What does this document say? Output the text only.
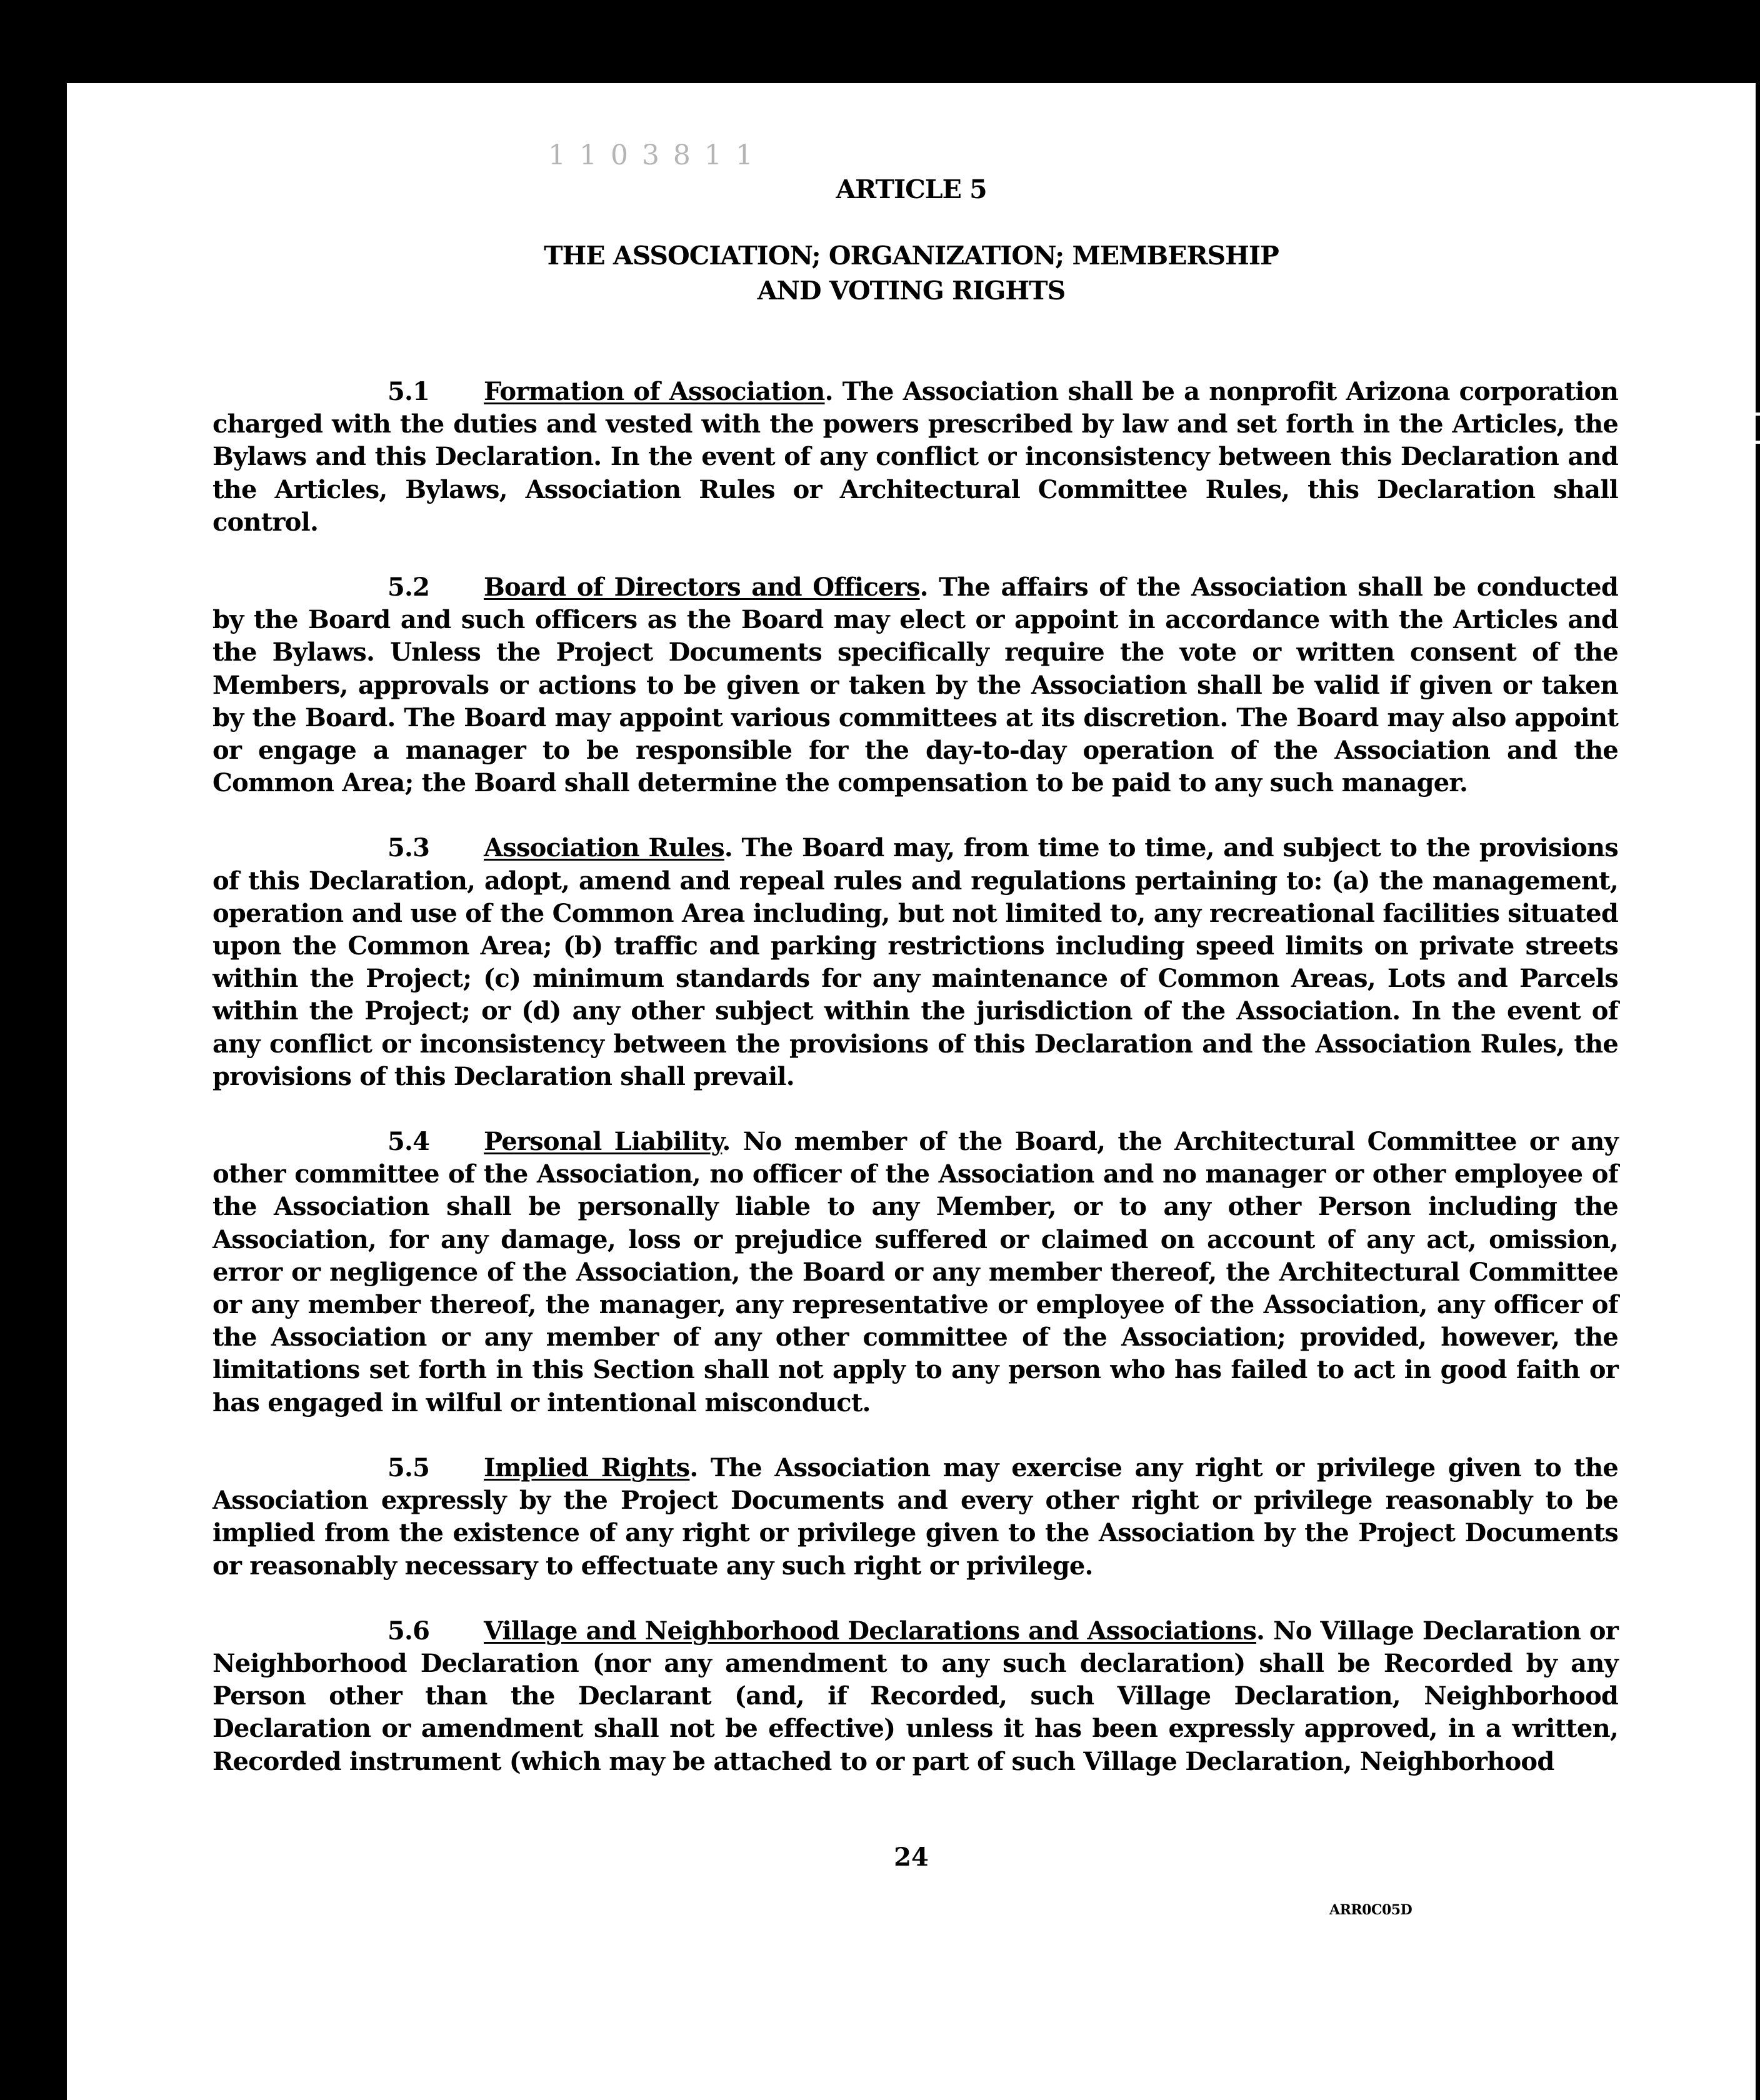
1 1 0 3 8 1 1
ARTICLE 5
THE ASSOCIATION; ORGANIZATION; MEMBERSHIP
AND VOTING RIGHTS

5.1 Formation of Association. The Association shall be a nonprofit Arizona corporation charged with the duties and vested with the powers prescribed by law and set forth in the Articles, the Bylaws and this Declaration. In the event of any conflict or inconsistency between this Declaration and the Articles, Bylaws, Association Rules or Architectural Committee Rules, this Declaration shall control.

5.2 Board of Directors and Officers. The affairs of the Association shall be conducted by the Board and such officers as the Board may elect or appoint in accordance with the Articles and the Bylaws. Unless the Project Documents specifically require the vote or written consent of the Members, approvals or actions to be given or taken by the Association shall be valid if given or taken by the Board. The Board may appoint various committees at its discretion. The Board may also appoint or engage a manager to be responsible for the day-to-day operation of the Association and the Common Area; the Board shall determine the compensation to be paid to any such manager.

5.3 Association Rules. The Board may, from time to time, and subject to the provisions of this Declaration, adopt, amend and repeal rules and regulations pertaining to: (a) the management, operation and use of the Common Area including, but not limited to, any recreational facilities situated upon the Common Area; (b) traffic and parking restrictions including speed limits on private streets within the Project; (c) minimum standards for any maintenance of Common Areas, Lots and Parcels within the Project; or (d) any other subject within the jurisdiction of the Association. In the event of any conflict or inconsistency between the provisions of this Declaration and the Association Rules, the provisions of this Declaration shall prevail.

5.4 Personal Liability. No member of the Board, the Architectural Committee or any other committee of the Association, no officer of the Association and no manager or other employee of the Association shall be personally liable to any Member, or to any other Person including the Association, for any damage, loss or prejudice suffered or claimed on account of any act, omission, error or negligence of the Association, the Board or any member thereof, the Architectural Committee or any member thereof, the manager, any representative or employee of the Association, any officer of the Association or any member of any other committee of the Association; provided, however, the limitations set forth in this Section shall not apply to any person who has failed to act in good faith or has engaged in wilful or intentional misconduct.

5.5 Implied Rights. The Association may exercise any right or privilege given to the Association expressly by the Project Documents and every other right or privilege reasonably to be implied from the existence of any right or privilege given to the Association by the Project Documents or reasonably necessary to effectuate any such right or privilege.

5.6 Village and Neighborhood Declarations and Associations. No Village Declaration or Neighborhood Declaration (nor any amendment to any such declaration) shall be Recorded by any Person other than the Declarant (and, if Recorded, such Village Declaration, Neighborhood Declaration or amendment shall not be effective) unless it has been expressly approved, in a written, Recorded instrument (which may be attached to or part of such Village Declaration, Neighborhood

24
ARR0C05D
